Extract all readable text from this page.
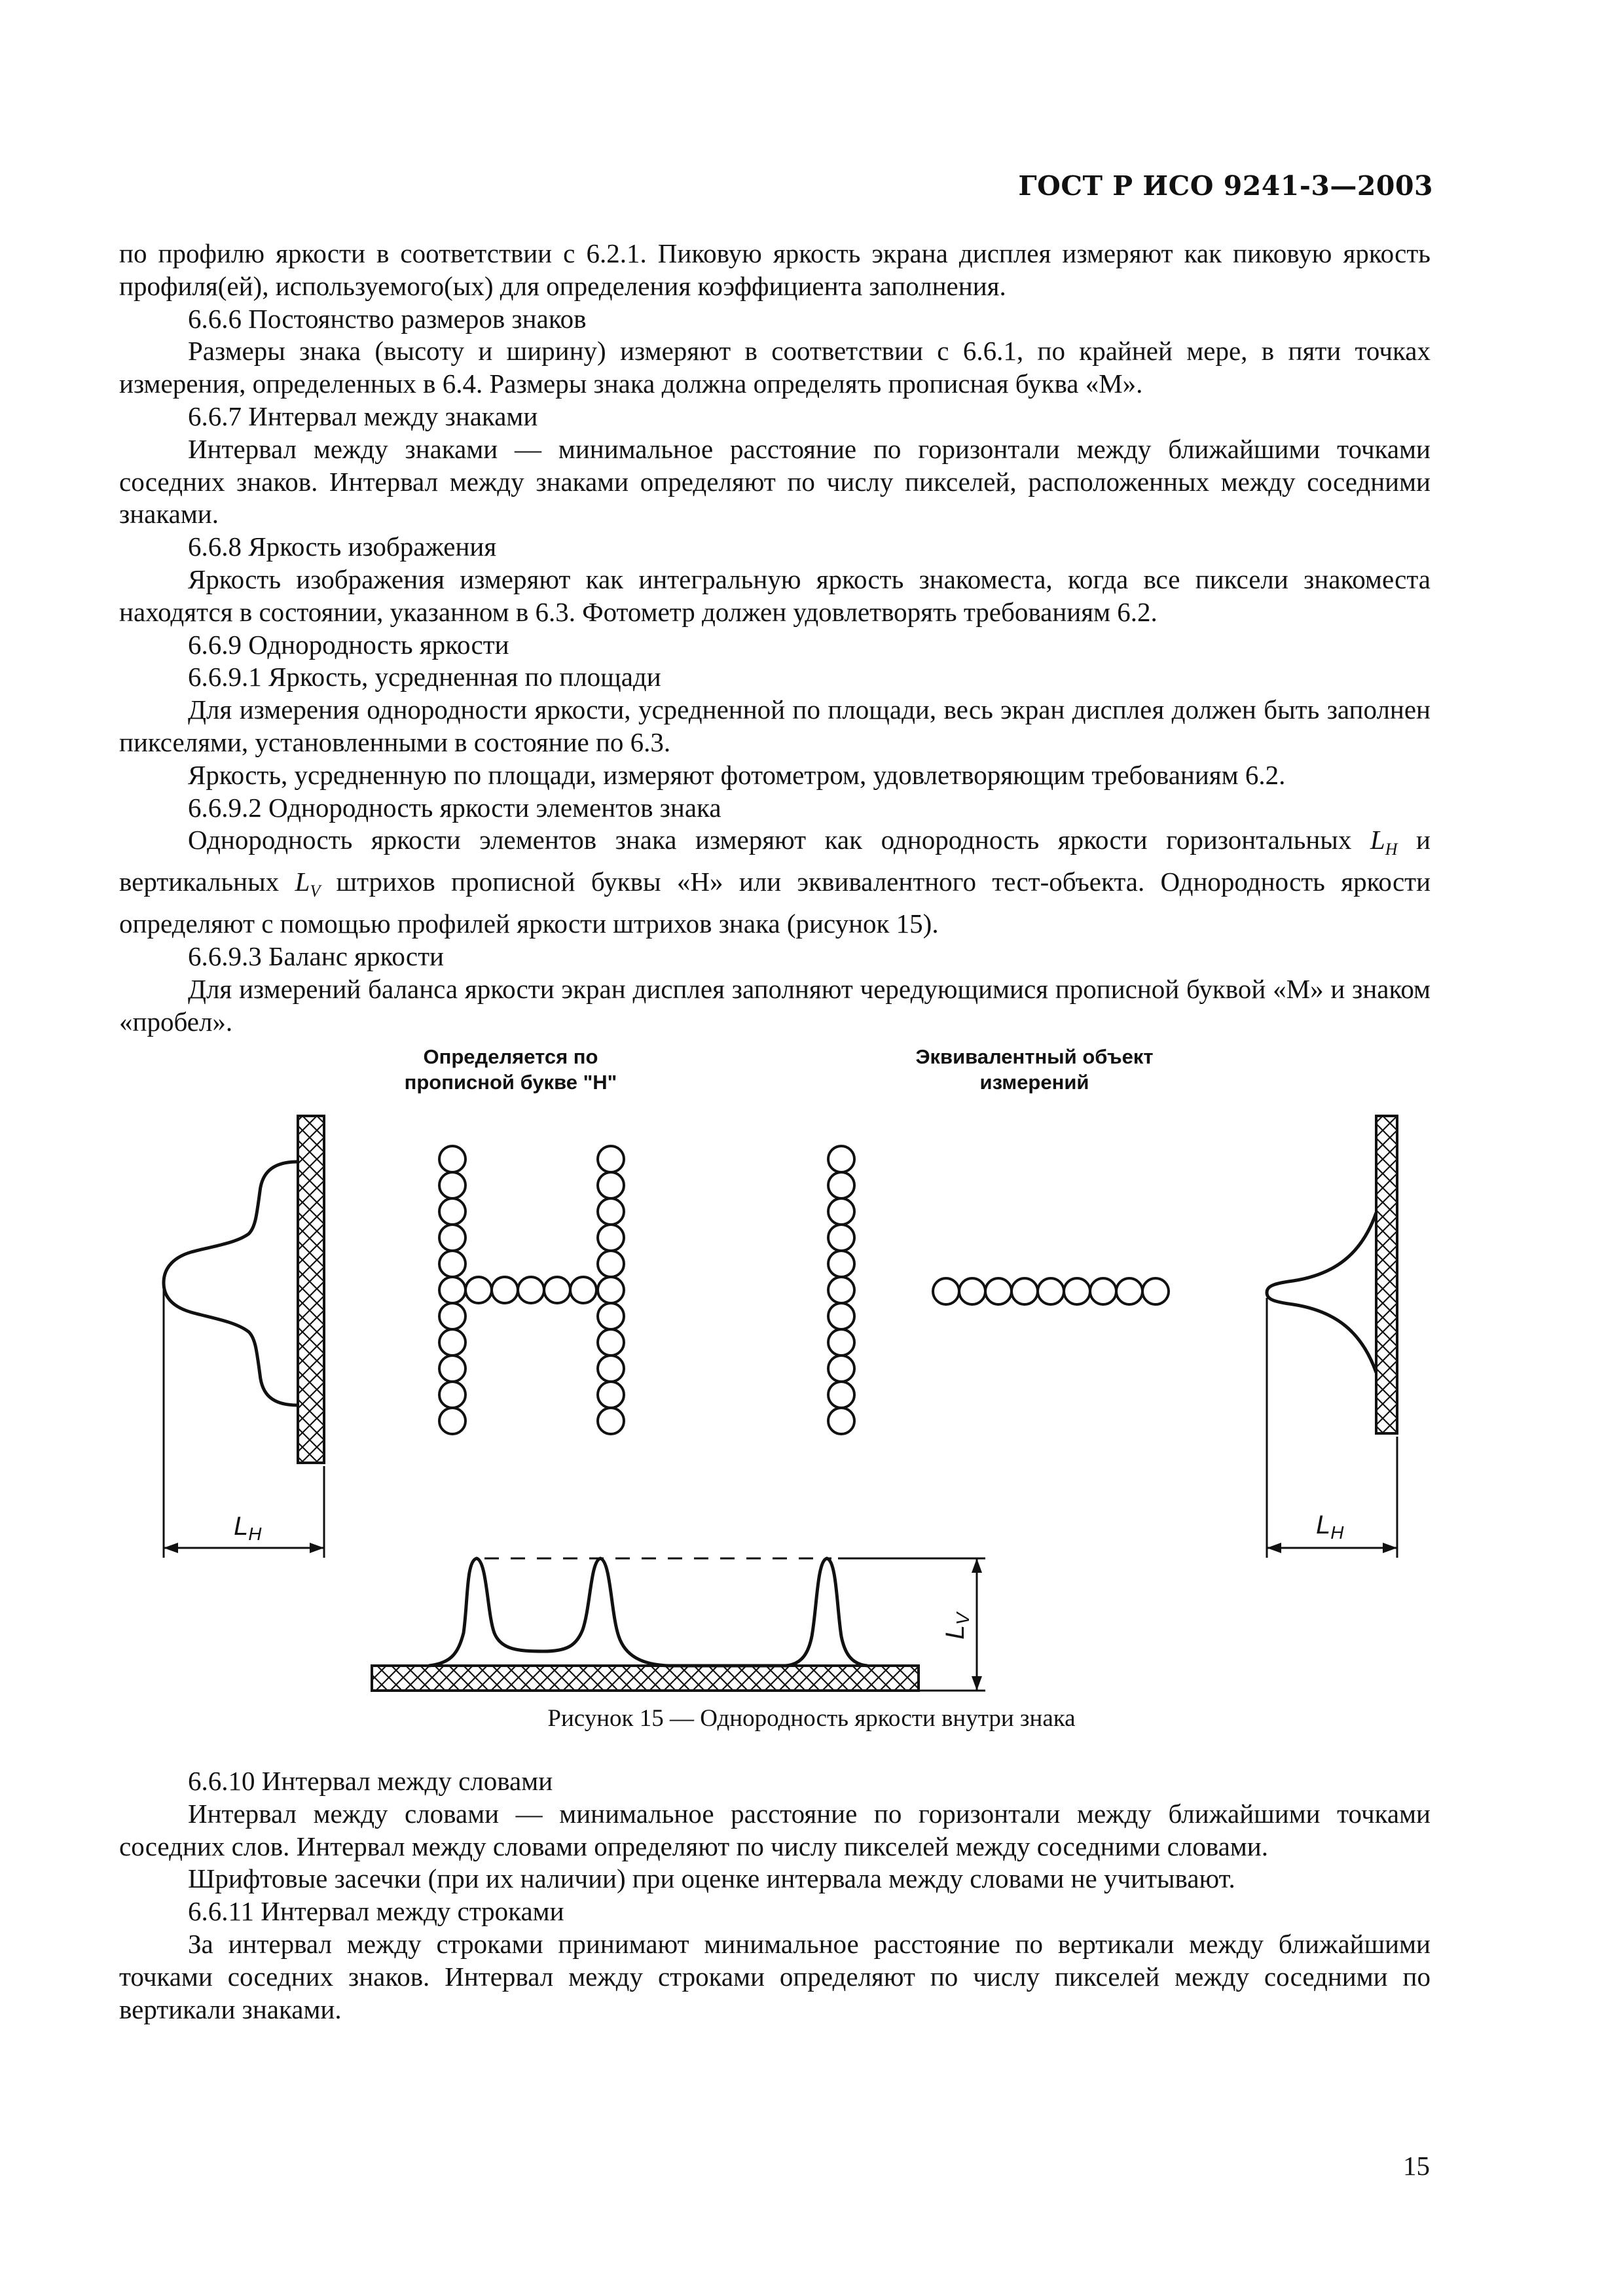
ГОСТ Р ИСО 9241-3—2003

по профилю яркости в соответствии с 6.2.1. Пиковую яркость экрана дисплея измеряют как пиковую яркость профиля(ей), используемого(ых) для определения коэффициента заполнения.

6.6.6 Постоянство размеров знаков

Размеры знака (высоту и ширину) измеряют в соответствии с 6.6.1, по крайней мере, в пяти точках измерения, определенных в 6.4. Размеры знака должна определять прописная буква «М».

6.6.7 Интервал между знаками

Интервал между знаками — минимальное расстояние по горизонтали между ближайшими точками соседних знаков. Интервал между знаками определяют по числу пикселей, расположенных между соседними знаками.

6.6.8 Яркость изображения

Яркость изображения измеряют как интегральную яркость знакоместа, когда все пиксели знакоместа находятся в состоянии, указанном в 6.3. Фотометр должен удовлетворять требованиям 6.2.

6.6.9 Однородность яркости

6.6.9.1 Яркость, усредненная по площади

Для измерения однородности яркости, усредненной по площади, весь экран дисплея должен быть заполнен пикселями, установленными в состояние по 6.3.

Яркость, усредненную по площади, измеряют фотометром, удовлетворяющим требованиям 6.2.

6.6.9.2 Однородность яркости элементов знака

Однородность яркости элементов знака измеряют как однородность яркости горизонтальных $L_H$ и вертикальных $L_V$ штрихов прописной буквы «Н» или эквивалентного тест-объекта. Однородность яркости определяют с помощью профилей яркости штрихов знака (рисунок 15).

6.6.9.3 Баланс яркости

Для измерений баланса яркости экран дисплея заполняют чередующимися прописной буквой «М» и знаком «пробел».

Определяется по
прописной букве "Н"
Эквивалентный объект
измерений
$L_H$	$L_H$
$L_V$
Рисунок 15 — Однородность яркости внутри знака

6.6.10 Интервал между словами

Интервал между словами — минимальное расстояние по горизонтали между ближайшими точками соседних слов. Интервал между словами определяют по числу пикселей между соседними словами.

Шрифтовые засечки (при их наличии) при оценке интервала между словами не учитывают.

6.6.11 Интервал между строками

За интервал между строками принимают минимальное расстояние по вертикали между ближайшими точками соседних знаков. Интервал между строками определяют по числу пикселей между соседними по вертикали знаками.

15
